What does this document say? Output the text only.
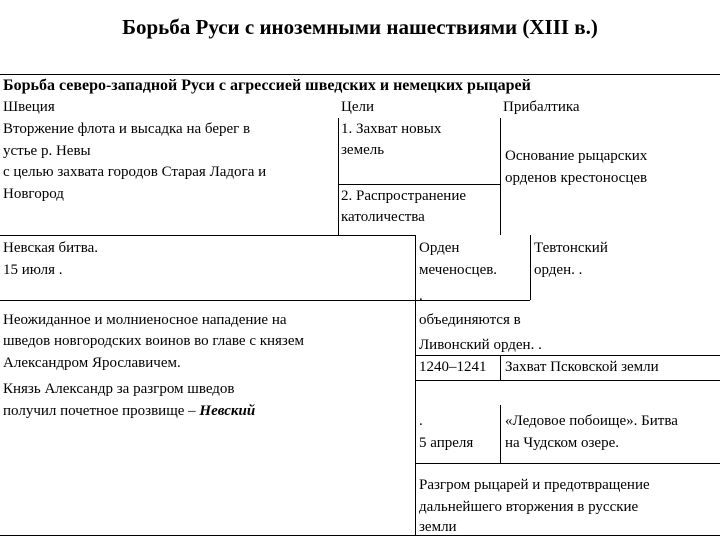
Борьба Руси с иноземными нашествиями (XIII в.)
Борьба северо-западной Руси с агрессией шведских и немецких рыцарей
Швеция	Цели	Прибалтика
Вторжение флота и высадка на берег в
устье р. Невы
с целью захвата городов Старая Ладога и
Новгород
1. Захват новых
земель
2. Распространение
католичества
Основание рыцарских
орденов крестоносцев
Невская битва.
15 июля .
Неожиданное и молниеносное нападение на
шведов новгородских воинов во главе с князем
Александром Ярославичем.
Князь Александр за разгром шведов
получил почетное прозвище – Невский
Орден
меченосцев.
Тевтонский
орден. .
.
объединяются в
Ливонский орден. .
1240–1241 Захват Псковской земли
.
5 апреля
«Ледовое побоище». Битва
на Чудском озере.
Разгром рыцарей и предотвращение
дальнейшего вторжения в русские
земли
